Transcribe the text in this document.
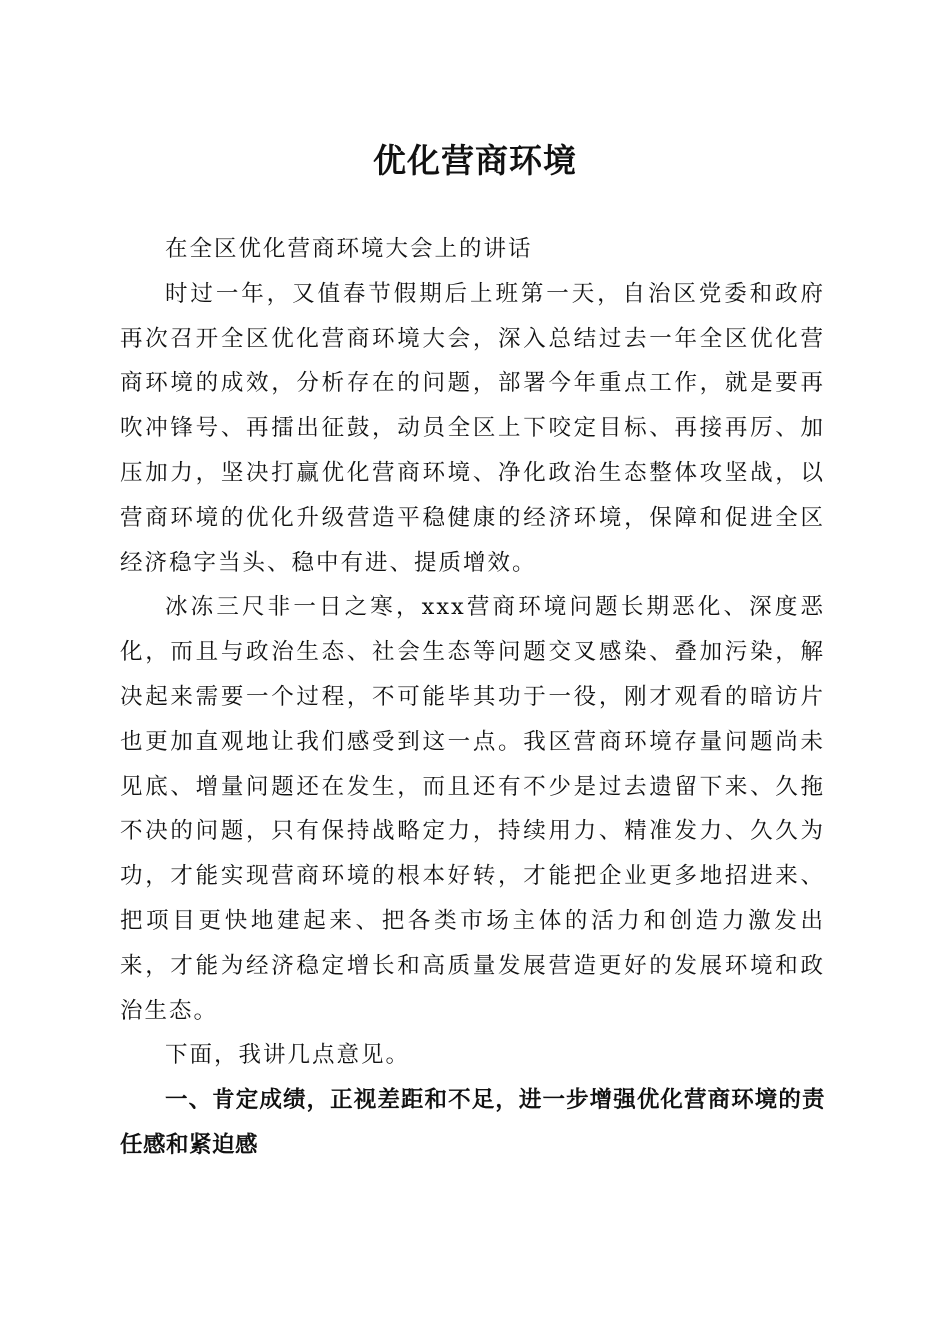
优化营商环境

在全区优化营商环境大会上的讲话

时过一年，又值春节假期后上班第一天，自治区党委和政府再次召开全区优化营商环境大会，深入总结过去一年全区优化营商环境的成效，分析存在的问题，部署今年重点工作，就是要再吹冲锋号、再擂出征鼓，动员全区上下咬定目标、再接再厉、加压加力，坚决打赢优化营商环境、净化政治生态整体攻坚战，以营商环境的优化升级营造平稳健康的经济环境，保障和促进全区经济稳字当头、稳中有进、提质增效。

冰冻三尺非一日之寒，xxx营商环境问题长期恶化、深度恶化，而且与政治生态、社会生态等问题交叉感染、叠加污染，解决起来需要一个过程，不可能毕其功于一役，刚才观看的暗访片也更加直观地让我们感受到这一点。我区营商环境存量问题尚未见底、增量问题还在发生，而且还有不少是过去遗留下来、久拖不决的问题，只有保持战略定力，持续用力、精准发力、久久为功，才能实现营商环境的根本好转，才能把企业更多地招进来、把项目更快地建起来、把各类市场主体的活力和创造力激发出来，才能为经济稳定增长和高质量发展营造更好的发展环境和政治生态。

下面，我讲几点意见。

一、肯定成绩，正视差距和不足，进一步增强优化营商环境的责任感和紧迫感
